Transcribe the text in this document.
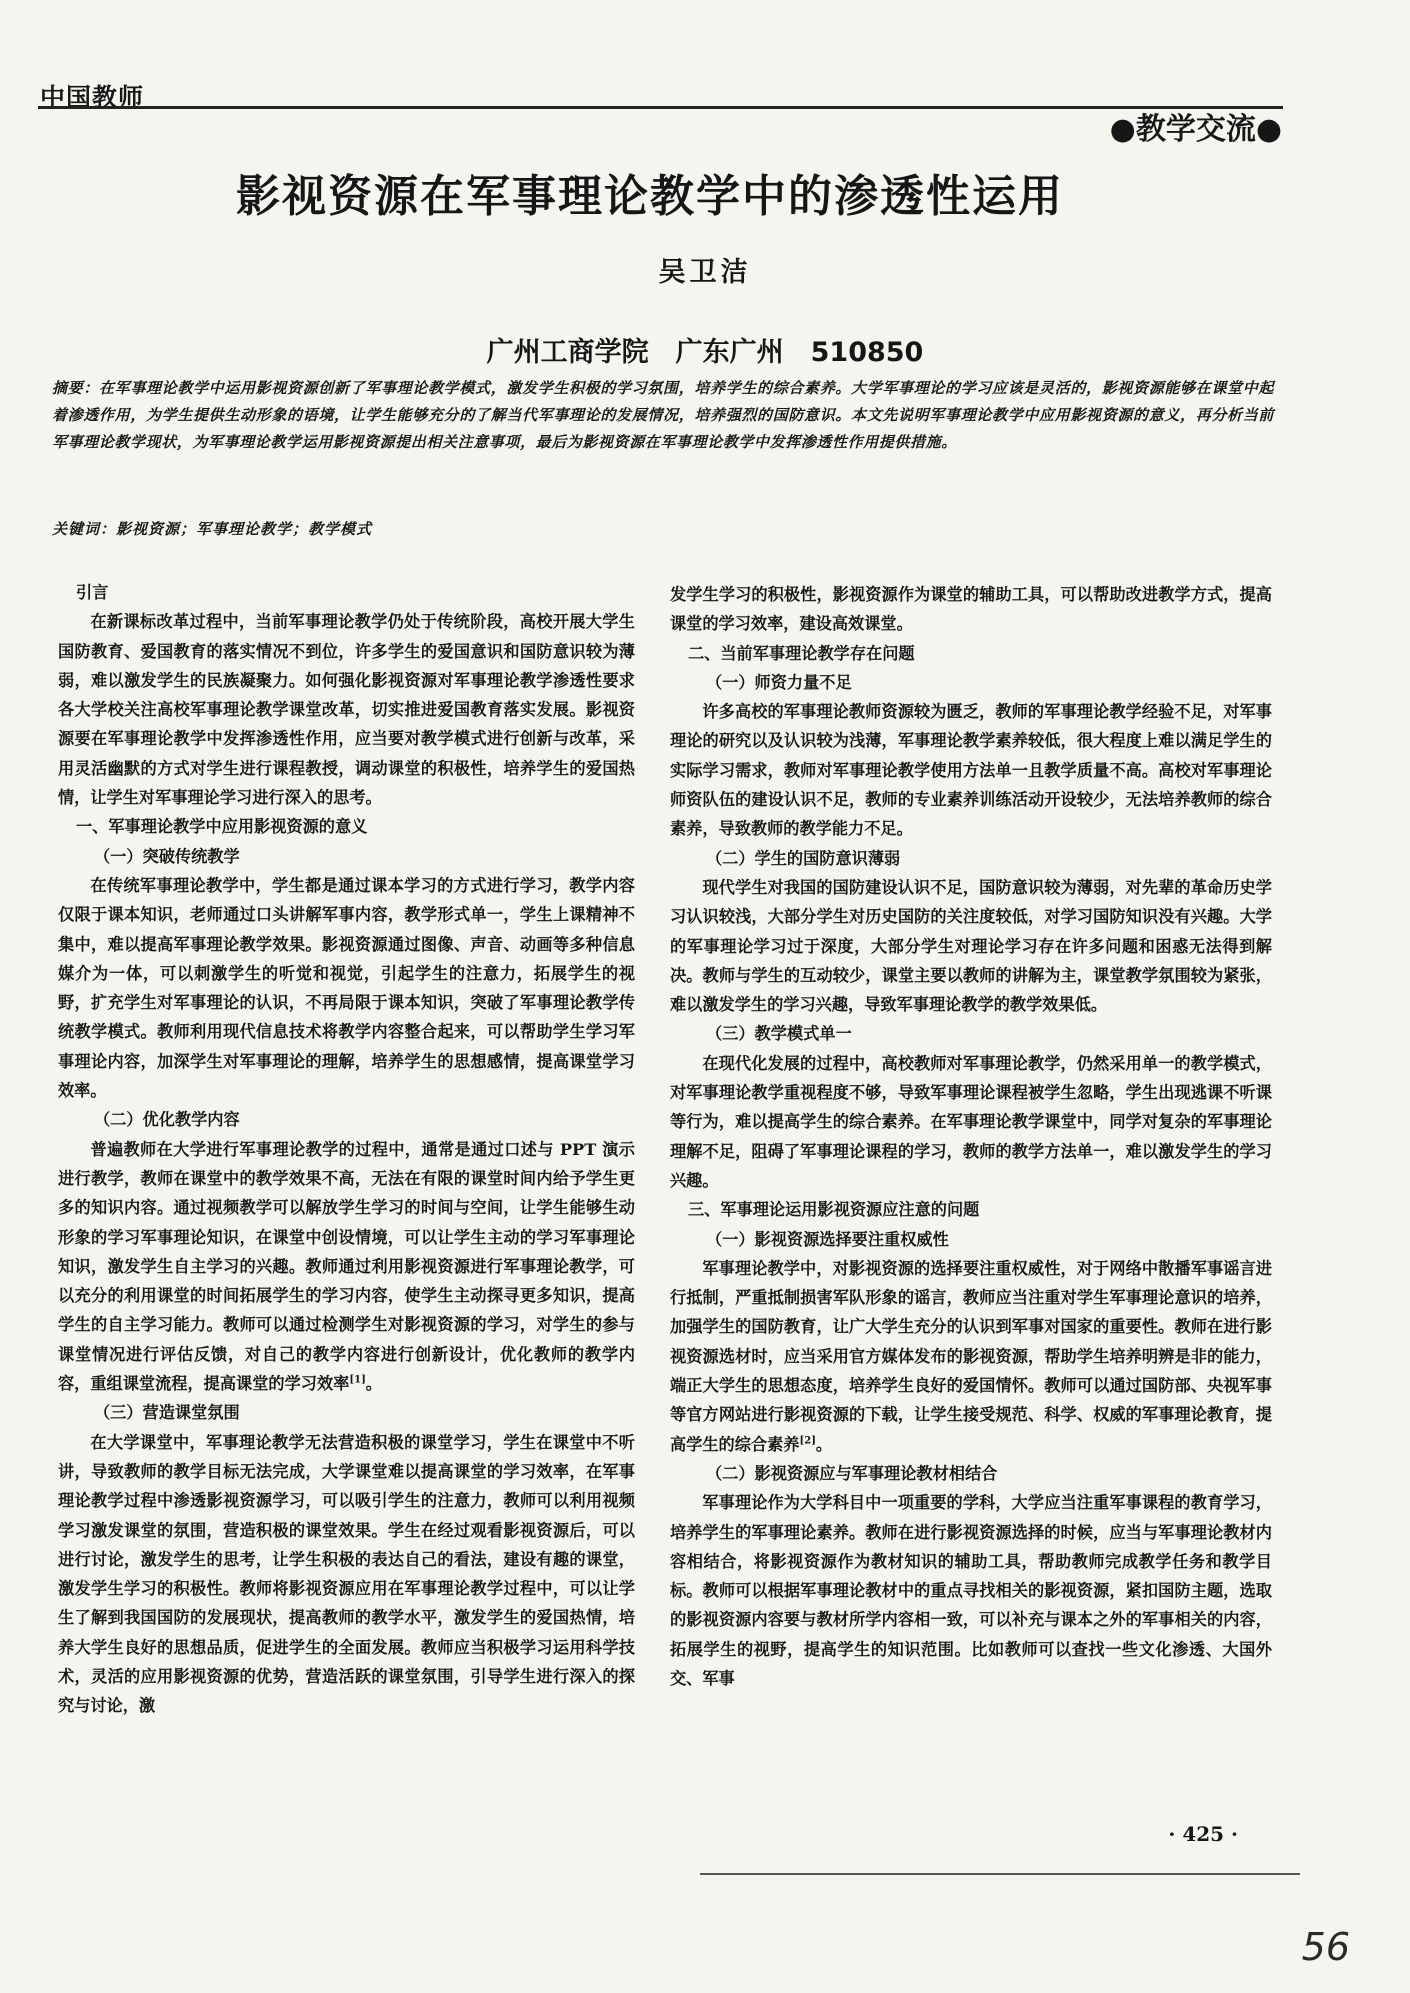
中国教师
●教学交流●
影视资源在军事理论教学中的渗透性运用
吴卫洁
广州工商学院　广东广州　510850
摘要：在军事理论教学中运用影视资源创新了军事理论教学模式，激发学生积极的学习氛围，培养学生的综合素养。大学军事理论的学习应该是灵活的，影视资源能够在课堂中起着渗透作用，为学生提供生动形象的语境，让学生能够充分的了解当代军事理论的发展情况，培养强烈的国防意识。本文先说明军事理论教学中应用影视资源的意义，再分析当前军事理论教学现状，为军事理论教学运用影视资源提出相关注意事项，最后为影视资源在军事理论教学中发挥渗透性作用提供措施。
关键词：影视资源；军事理论教学；教学模式

引言

在新课标改革过程中，当前军事理论教学仍处于传统阶段，高校开展大学生国防教育、爱国教育的落实情况不到位，许多学生的爱国意识和国防意识较为薄弱，难以激发学生的民族凝聚力。如何强化影视资源对军事理论教学渗透性要求各大学校关注高校军事理论教学课堂改革，切实推进爱国教育落实发展。影视资源要在军事理论教学中发挥渗透性作用，应当要对教学模式进行创新与改革，采用灵活幽默的方式对学生进行课程教授，调动课堂的积极性，培养学生的爱国热情，让学生对军事理论学习进行深入的思考。

一、军事理论教学中应用影视资源的意义

（一）突破传统教学

在传统军事理论教学中，学生都是通过课本学习的方式进行学习，教学内容仅限于课本知识，老师通过口头讲解军事内容，教学形式单一，学生上课精神不集中，难以提高军事理论教学效果。影视资源通过图像、声音、动画等多种信息媒介为一体，可以刺激学生的听觉和视觉，引起学生的注意力，拓展学生的视野，扩充学生对军事理论的认识，不再局限于课本知识，突破了军事理论教学传统教学模式。教师利用现代信息技术将教学内容整合起来，可以帮助学生学习军事理论内容，加深学生对军事理论的理解，培养学生的思想感情，提高课堂学习效率。

（二）优化教学内容

普遍教师在大学进行军事理论教学的过程中，通常是通过口述与 PPT 演示进行教学，教师在课堂中的教学效果不高，无法在有限的课堂时间内给予学生更多的知识内容。通过视频教学可以解放学生学习的时间与空间，让学生能够生动形象的学习军事理论知识，在课堂中创设情境，可以让学生主动的学习军事理论知识，激发学生自主学习的兴趣。教师通过利用影视资源进行军事理论教学，可以充分的利用课堂的时间拓展学生的学习内容，使学生主动探寻更多知识，提高学生的自主学习能力。教师可以通过检测学生对影视资源的学习，对学生的参与课堂情况进行评估反馈，对自己的教学内容进行创新设计，优化教师的教学内容，重组课堂流程，提高课堂的学习效率[1]。

（三）营造课堂氛围

在大学课堂中，军事理论教学无法营造积极的课堂学习，学生在课堂中不听讲，导致教师的教学目标无法完成，大学课堂难以提高课堂的学习效率，在军事理论教学过程中渗透影视资源学习，可以吸引学生的注意力，教师可以利用视频学习激发课堂的氛围，营造积极的课堂效果。学生在经过观看影视资源后，可以进行讨论，激发学生的思考，让学生积极的表达自己的看法，建设有趣的课堂，激发学生学习的积极性。教师将影视资源应用在军事理论教学过程中，可以让学生了解到我国国防的发展现状，提高教师的教学水平，激发学生的爱国热情，培养大学生良好的思想品质，促进学生的全面发展。教师应当积极学习运用科学技术，灵活的应用影视资源的优势，营造活跃的课堂氛围，引导学生进行深入的探究与讨论，激

发学生学习的积极性，影视资源作为课堂的辅助工具，可以帮助改进教学方式，提高课堂的学习效率，建设高效课堂。

二、当前军事理论教学存在问题

（一）师资力量不足

许多高校的军事理论教师资源较为匮乏，教师的军事理论教学经验不足，对军事理论的研究以及认识较为浅薄，军事理论教学素养较低，很大程度上难以满足学生的实际学习需求，教师对军事理论教学使用方法单一且教学质量不高。高校对军事理论师资队伍的建设认识不足，教师的专业素养训练活动开设较少，无法培养教师的综合素养，导致教师的教学能力不足。

（二）学生的国防意识薄弱

现代学生对我国的国防建设认识不足，国防意识较为薄弱，对先辈的革命历史学习认识较浅，大部分学生对历史国防的关注度较低，对学习国防知识没有兴趣。大学的军事理论学习过于深度，大部分学生对理论学习存在许多问题和困惑无法得到解决。教师与学生的互动较少，课堂主要以教师的讲解为主，课堂教学氛围较为紧张，难以激发学生的学习兴趣，导致军事理论教学的教学效果低。

（三）教学模式单一

在现代化发展的过程中，高校教师对军事理论教学，仍然采用单一的教学模式，对军事理论教学重视程度不够，导致军事理论课程被学生忽略，学生出现逃课不听课等行为，难以提高学生的综合素养。在军事理论教学课堂中，同学对复杂的军事理论理解不足，阻碍了军事理论课程的学习，教师的教学方法单一，难以激发学生的学习兴趣。

三、军事理论运用影视资源应注意的问题

（一）影视资源选择要注重权威性

军事理论教学中，对影视资源的选择要注重权威性，对于网络中散播军事谣言进行抵制，严重抵制损害军队形象的谣言，教师应当注重对学生军事理论意识的培养，加强学生的国防教育，让广大学生充分的认识到军事对国家的重要性。教师在进行影视资源选材时，应当采用官方媒体发布的影视资源，帮助学生培养明辨是非的能力，端正大学生的思想态度，培养学生良好的爱国情怀。教师可以通过国防部、央视军事等官方网站进行影视资源的下载，让学生接受规范、科学、权威的军事理论教育，提高学生的综合素养[2]。

（二）影视资源应与军事理论教材相结合

军事理论作为大学科目中一项重要的学科，大学应当注重军事课程的教育学习，培养学生的军事理论素养。教师在进行影视资源选择的时候，应当与军事理论教材内容相结合，将影视资源作为教材知识的辅助工具，帮助教师完成教学任务和教学目标。教师可以根据军事理论教材中的重点寻找相关的影视资源，紧扣国防主题，选取的影视资源内容要与教材所学内容相一致，可以补充与课本之外的军事相关的内容，拓展学生的视野，提高学生的知识范围。比如教师可以查找一些文化渗透、大国外交、军事

· 425 ·
56
